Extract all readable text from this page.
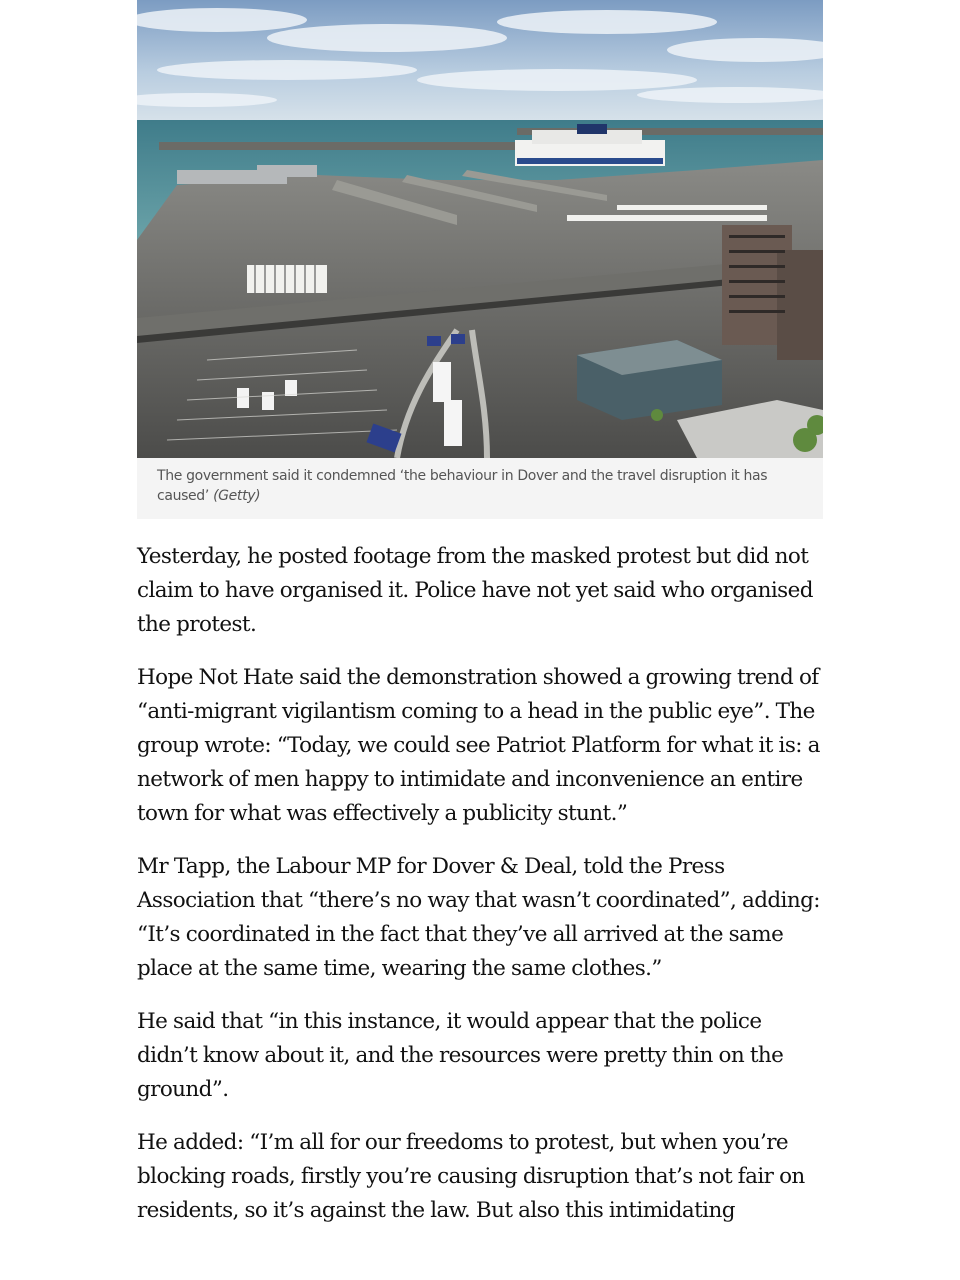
The government said it condemned ‘the behaviour in Dover and the travel disruption it has caused’ (Getty)

Yesterday, he posted footage from the masked protest but did not claim to have organised it. Police have not yet said who organised the protest.

Hope Not Hate said the demonstration showed a growing trend of “anti-migrant vigilantism coming to a head in the public eye”. The group wrote: “Today, we could see Patriot Platform for what it is: a network of men happy to intimidate and inconvenience an entire town for what was effectively a publicity stunt.”

Mr Tapp, the Labour MP for Dover & Deal, told the Press Association that “there’s no way that wasn’t coordinated”, adding: “It’s coordinated in the fact that they’ve all arrived at the same place at the same time, wearing the same clothes.”

He said that “in this instance, it would appear that the police didn’t know about it, and the resources were pretty thin on the ground”.

He added: “I’m all for our freedoms to protest, but when you’re blocking roads, firstly you’re causing disruption that’s not fair on residents, so it’s against the law. But also this intimidating
